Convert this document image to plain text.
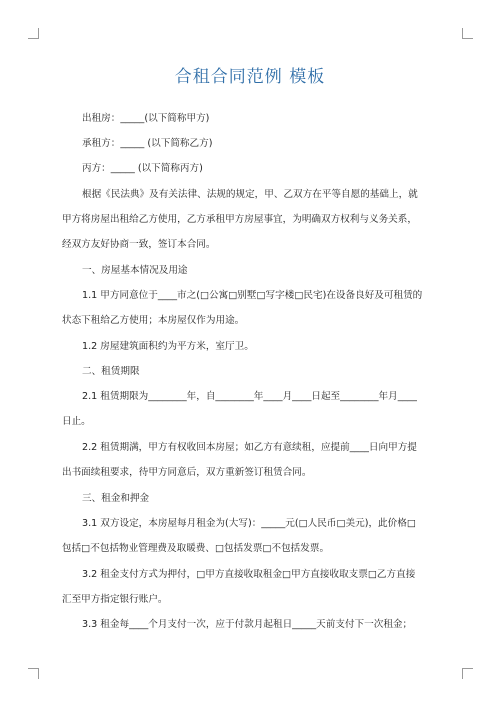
合租合同范例 模板
出租房：_____(以下简称甲方)
承租方：_____ (以下简称乙方)
丙方：_____ (以下简称丙方)
根据《民法典》及有关法律、法规的规定，甲、乙双方在平等自愿的基础上，就
甲方将房屋出租给乙方使用，乙方承租甲方房屋事宜，为明确双方权利与义务关系，
经双方友好协商一致，签订本合同。
一、房屋基本情况及用途
1.1 甲方同意位于____市之(□公寓□别墅□写字楼□民宅)在设备良好及可租赁的
状态下租给乙方使用；本房屋仅作为用途。
1.2 房屋建筑面积约为平方米，室厅卫。
二、租赁期限
2.1 租赁期限为________年，自________年____月____日起至________年月____
日止。
2.2 租赁期满，甲方有权收回本房屋；如乙方有意续租，应提前____日向甲方提
出书面续租要求，待甲方同意后，双方重新签订租赁合同。
三、租金和押金
3.1 双方设定，本房屋每月租金为(大写)：_____元(□人民币□美元)，此价格□
包括□不包括物业管理费及取暖费、□包括发票□不包括发票。
3.2 租金支付方式为押付，□甲方直接收取租金□甲方直接收取支票□乙方直接
汇至甲方指定银行账户。
3.3 租金每____个月支付一次，应于付款月起租日_____天前支付下一次租金；
